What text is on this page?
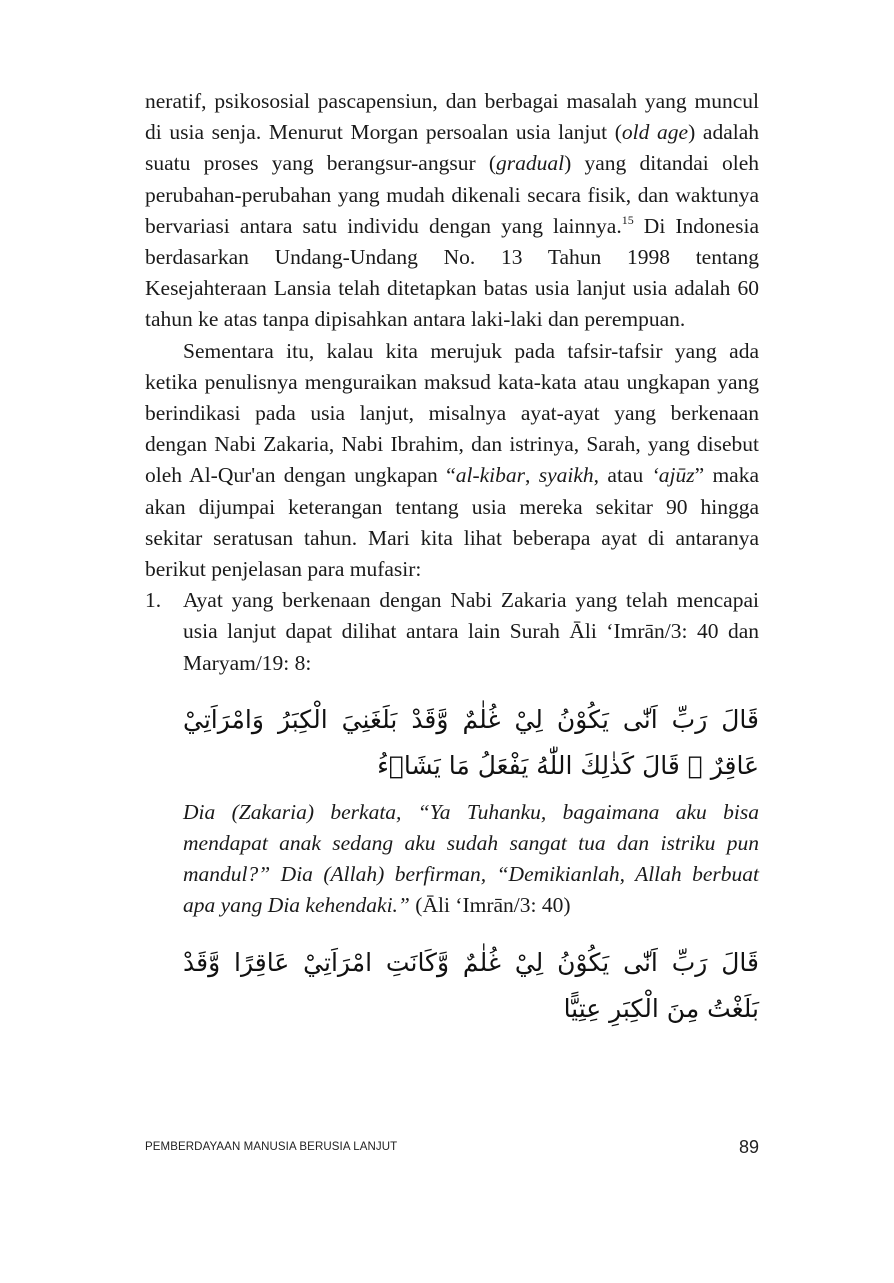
neratif, psikososial pascapensiun, dan berbagai masalah yang muncul di usia senja. Menurut Morgan persoalan usia lanjut (old age) adalah suatu proses yang berangsur-angsur (gradual) yang ditandai oleh perubahan-perubahan yang mudah dikenali secara fisik, dan waktunya bervariasi antara satu individu dengan yang lainnya.$^{15}$ Di Indonesia berdasarkan Undang-Undang No. 13 Tahun 1998 tentang Kesejahteraan Lansia telah ditetapkan batas usia lanjut usia adalah 60 tahun ke atas tanpa dipisahkan antara laki-laki dan perempuan.

Sementara itu, kalau kita merujuk pada tafsir-tafsir yang ada ketika penulisnya menguraikan maksud kata-kata atau ungkapan yang berindikasi pada usia lanjut, misalnya ayat-ayat yang berkenaan dengan Nabi Zakaria, Nabi Ibrahim, dan istrinya, Sarah, yang disebut oleh Al-Qur'an dengan ungkapan “al-kibar, syaikh, atau ‘ajūz” maka akan dijumpai keterangan tentang usia mereka sekitar 90 hingga sekitar seratusan tahun. Mari kita lihat beberapa ayat di antaranya berikut penjelasan para mufasir:

1. Ayat yang berkenaan dengan Nabi Zakaria yang telah mencapai usia lanjut dapat dilihat antara lain Surah Āli ‘Imrān/3: 40 dan Maryam/19: 8:

قَالَ رَبِّ اَنّٰى يَكُوْنُ لِيْ غُلٰمٌ وَّقَدْ بَلَغَنِيَ الْكِبَرُ وَامْرَاَتِيْ عَاقِرٌ ۗ قَالَ كَذٰلِكَ اللّٰهُ يَفْعَلُ مَا يَشَاۤءُ

Dia (Zakaria) berkata, “Ya Tuhanku, bagaimana aku bisa mendapat anak sedang aku sudah sangat tua dan istriku pun mandul?” Dia (Allah) berfirman, “Demikianlah, Allah berbuat apa yang Dia kehendaki.” (Āli ‘Imrān/3: 40)

قَالَ رَبِّ اَنّٰى يَكُوْنُ لِيْ غُلٰمٌ وَّكَانَتِ امْرَاَتِيْ عَاقِرًا وَّقَدْ بَلَغْتُ مِنَ الْكِبَرِ عِتِيًّا
PEMBERDAYAAN MANUSIA BERUSIA LANJUT	89
